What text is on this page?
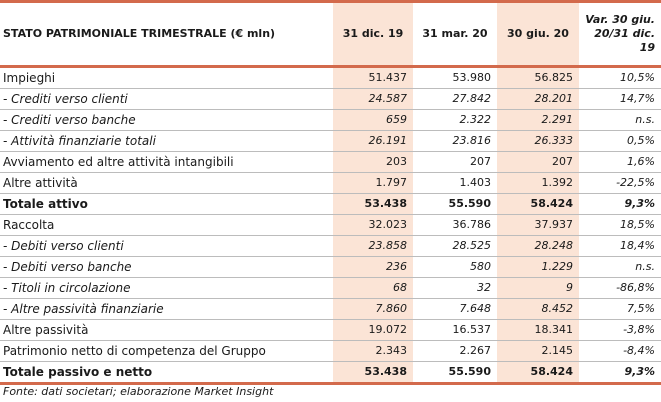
STATO PATRIMONIALE TRIMESTRALE (€ mln)	31 dic. 19	31 mar. 20	30 giu. 20	Var. 30 giu. 20/31 dic. 19
Impieghi	51.437	53.980	56.825	10,5%
- Crediti verso clienti	24.587	27.842	28.201	14,7%
- Crediti verso banche	659	2.322	2.291	n.s.
- Attività finanziarie totali	26.191	23.816	26.333	0,5%
Avviamento ed altre attività intangibili	203	207	207	1,6%
Altre attività	1.797	1.403	1.392	-22,5%
Totale attivo	53.438	55.590	58.424	9,3%
Raccolta	32.023	36.786	37.937	18,5%
- Debiti verso clienti	23.858	28.525	28.248	18,4%
- Debiti verso banche	236	580	1.229	n.s.
- Titoli in circolazione	68	32	9	-86,8%
- Altre passività finanziarie	7.860	7.648	8.452	7,5%
Altre passività	19.072	16.537	18.341	-3,8%
Patrimonio netto di competenza del Gruppo	2.343	2.267	2.145	-8,4%
Totale passivo e netto	53.438	55.590	58.424	9,3%
Fonte: dati societari; elaborazione Market Insight
